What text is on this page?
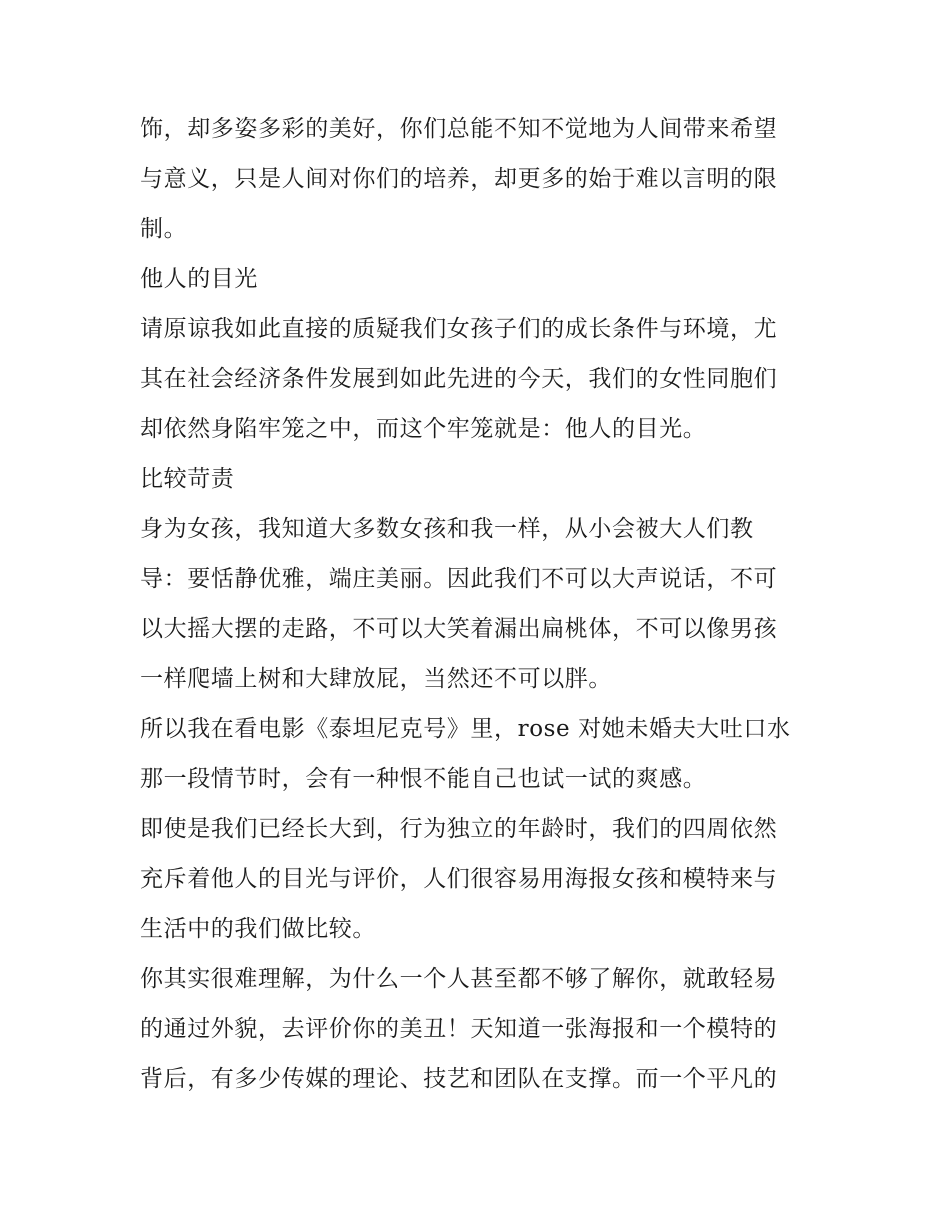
饰，却多姿多彩的美好，你们总能不知不觉地为人间带来希望
与意义，只是人间对你们的培养，却更多的始于难以言明的限
制。
他人的目光
请原谅我如此直接的质疑我们女孩子们的成长条件与环境，尤
其在社会经济条件发展到如此先进的今天，我们的女性同胞们
却依然身陷牢笼之中，而这个牢笼就是：他人的目光。
比较苛责
身为女孩，我知道大多数女孩和我一样，从小会被大人们教
导：要恬静优雅，端庄美丽。因此我们不可以大声说话，不可
以大摇大摆的走路，不可以大笑着漏出扁桃体，不可以像男孩
一样爬墙上树和大肆放屁，当然还不可以胖。
所以我在看电影《泰坦尼克号》里，rose 对她未婚夫大吐口水
那一段情节时，会有一种恨不能自己也试一试的爽感。
即使是我们已经长大到，行为独立的年龄时，我们的四周依然
充斥着他人的目光与评价，人们很容易用海报女孩和模特来与
生活中的我们做比较。
你其实很难理解，为什么一个人甚至都不够了解你，就敢轻易
的通过外貌，去评价你的美丑！天知道一张海报和一个模特的
背后，有多少传媒的理论、技艺和团队在支撑。而一个平凡的
